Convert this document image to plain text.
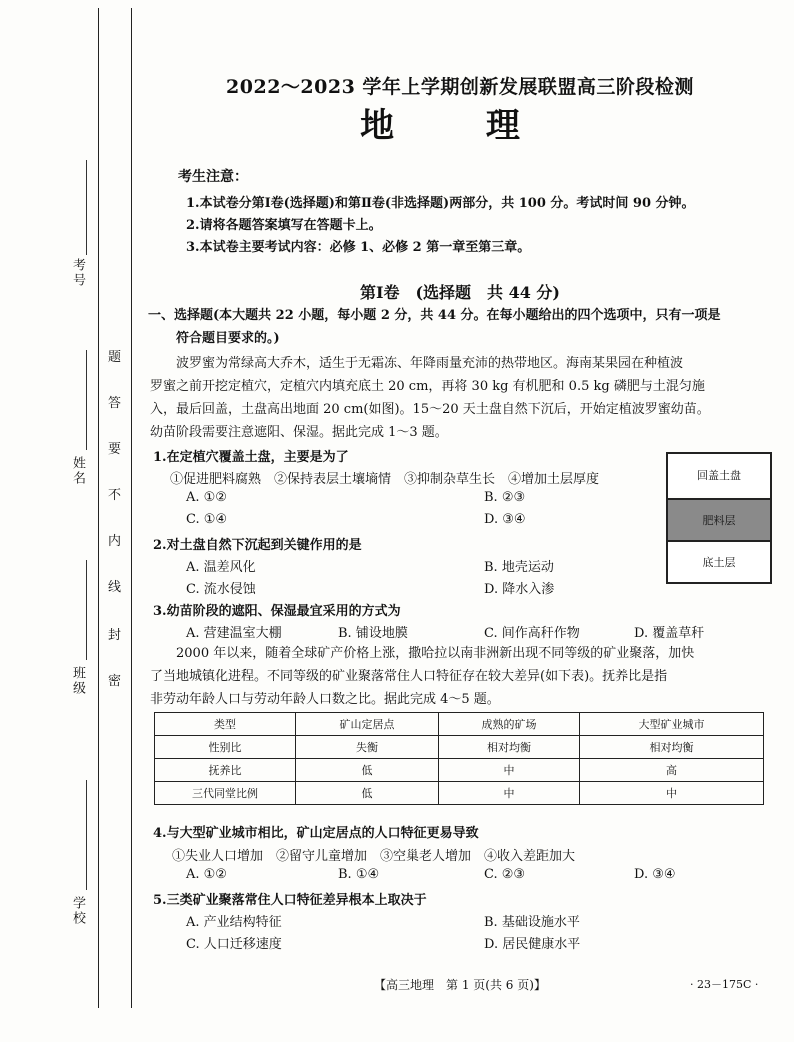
考号
姓名
班级
学校
题
答
要
不
内
线
封
密
2022～2023 学年上学期创新发展联盟高三阶段检测
地 理
考生注意：
1.本试卷分第Ⅰ卷(选择题)和第Ⅱ卷(非选择题)两部分，共 100 分。考试时间 90 分钟。
2.请将各题答案填写在答题卡上。
3.本试卷主要考试内容：必修 1、必修 2 第一章至第三章。
第Ⅰ卷　(选择题　共 44 分)
一、选择题(本大题共 22 小题，每小题 2 分，共 44 分。在每小题给出的四个选项中，只有一项是
符合题目要求的。)
　　波罗蜜为常绿高大乔木，适生于无霜冻、年降雨量充沛的热带地区。海南某果园在种植波
罗蜜之前开挖定植穴，定植穴内填充底土 20 cm，再将 30 kg 有机肥和 0.5 kg 磷肥与土混匀施
入，最后回盖，土盘高出地面 20 cm(如图)。15～20 天土盘自然下沉后，开始定植波罗蜜幼苗。
幼苗阶段需要注意遮阳、保湿。据此完成 1～3 题。
回盖土盘
肥料层
底土层
1.在定植穴覆盖土盘，主要是为了
①促进肥料腐熟　②保持表层土壤墒情　③抑制杂草生长　④增加土层厚度
A. ①②	B. ②③
C. ①④	D. ③④
2.对土盘自然下沉起到关键作用的是
A. 温差风化	B. 地壳运动
C. 流水侵蚀	D. 降水入渗
3.幼苗阶段的遮阳、保湿最宜采用的方式为
A. 营建温室大棚	B. 铺设地膜	C. 间作高秆作物	D. 覆盖草秆
　　2000 年以来，随着全球矿产价格上涨，撒哈拉以南非洲新出现不同等级的矿业聚落，加快
了当地城镇化进程。不同等级的矿业聚落常住人口特征存在较大差异(如下表)。抚养比是指
非劳动年龄人口与劳动年龄人口数之比。据此完成 4～5 题。
类型	矿山定居点	成熟的矿场	大型矿业城市
性别比	失衡	相对均衡	相对均衡
抚养比	低	中	高
三代同堂比例	低	中	中
4.与大型矿业城市相比，矿山定居点的人口特征更易导致
①失业人口增加　②留守儿童增加　③空巢老人增加　④收入差距加大
A. ①②	B. ①④	C. ②③	D. ③④
5.三类矿业聚落常住人口特征差异根本上取决于
A. 产业结构特征	B. 基础设施水平
C. 人口迁移速度	D. 居民健康水平
【高三地理　第 1 页(共 6 页)】	· 23－175C ·
